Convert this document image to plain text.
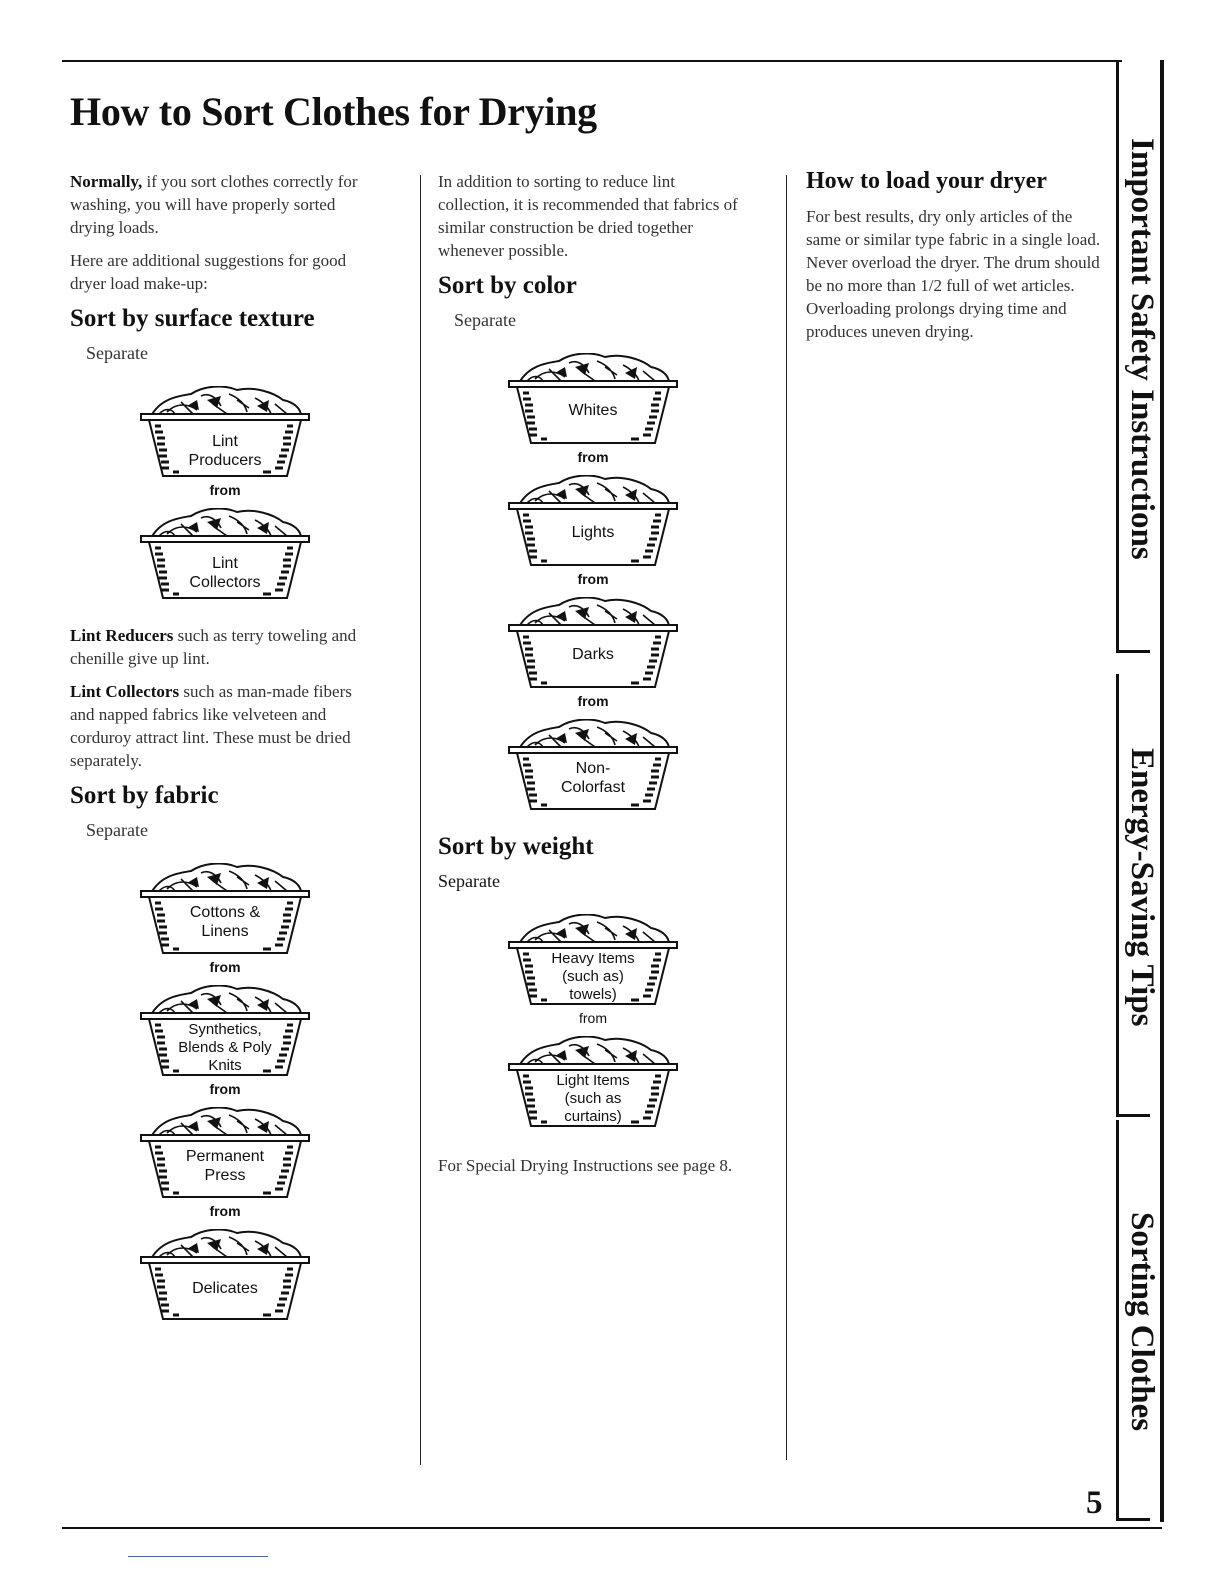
How to Sort Clothes for Drying

Normally, if you sort clothes correctly for washing, you will have properly sorted drying loads.

Here are additional suggestions for good dryer load make-up:

Sort by surface texture
Separate
Lint Producers
from
Lint Collectors

Lint Reducers such as terry toweling and chenille give up lint.

Lint Collectors such as man-made fibers and napped fabrics like velveteen and corduroy attract lint. These must be dried separately.

Sort by fabric
Separate
Cottons & Linens
from
Synthetics, Blends & Poly Knits
from
Permanent Press
from
Delicates

In addition to sorting to reduce lint collection, it is recommended that fabrics of similar construction be dried together whenever possible.

Sort by color
Separate
Whites
from
Lights
from
Darks
from
Non- Colorfast
Sort by weight
Separate
Heavy Items (such as) towels)
from
Light Items (such as curtains)

For Special Drying Instructions see page 8.

How to load your dryer

For best results, dry only articles of the same or similar type fabric in a single load. Never overload the dryer. The drum should be no more than 1/2 full of wet articles. Overloading prolongs drying time and produces uneven drying.	Important Safety Instructions
Energy-Saving Tips
Sorting Clothes
5
